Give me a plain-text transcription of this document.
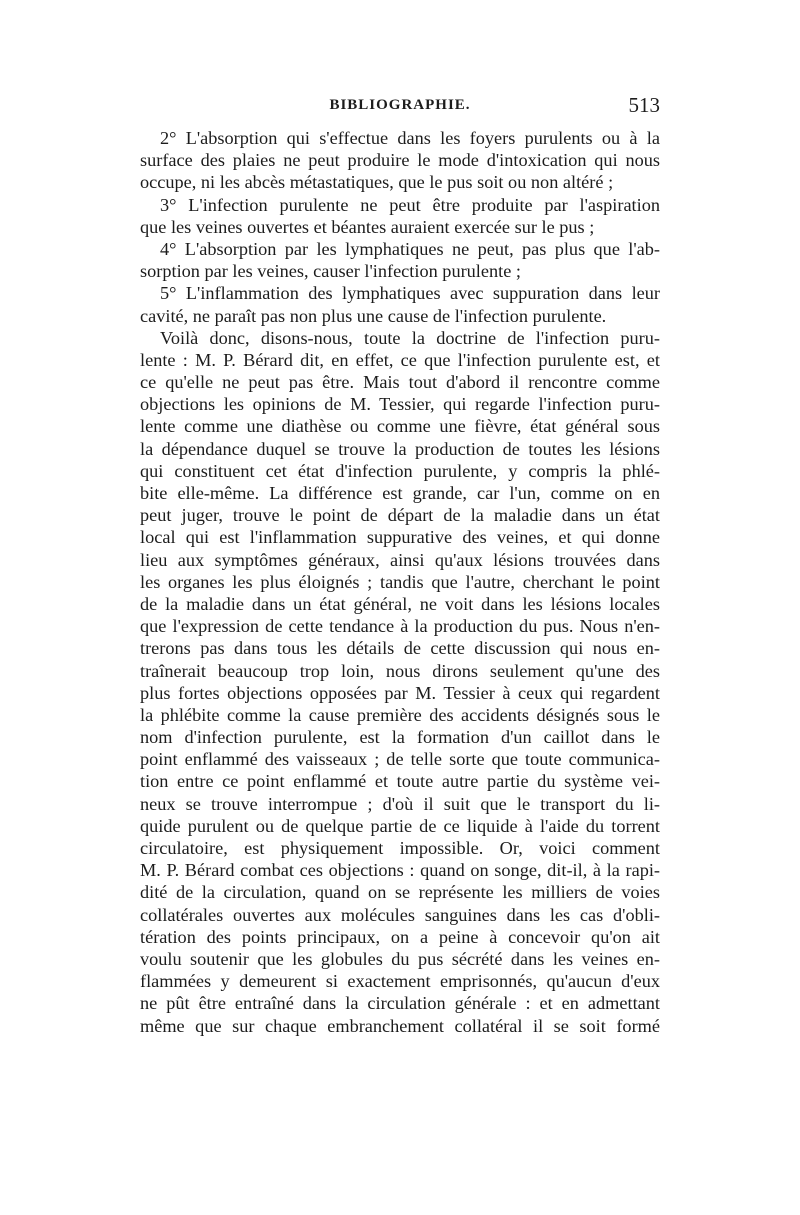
BIBLIOGRAPHIE.	513
2° L'absorption qui s'effectue dans les foyers purulents ou à la
surface des plaies ne peut produire le mode d'intoxication qui nous
occupe, ni les abcès métastatiques, que le pus soit ou non altéré ;
3° L'infection purulente ne peut être produite par l'aspiration
que les veines ouvertes et béantes auraient exercée sur le pus ;
4° L'absorption par les lymphatiques ne peut, pas plus que l'ab-
sorption par les veines, causer l'infection purulente ;
5° L'inflammation des lymphatiques avec suppuration dans leur
cavité, ne paraît pas non plus une cause de l'infection purulente.
Voilà donc, disons-nous, toute la doctrine de l'infection puru-
lente : M. P. Bérard dit, en effet, ce que l'infection purulente est, et
ce qu'elle ne peut pas être. Mais tout d'abord il rencontre comme
objections les opinions de M. Tessier, qui regarde l'infection puru-
lente comme une diathèse ou comme une fièvre, état général sous
la dépendance duquel se trouve la production de toutes les lésions
qui constituent cet état d'infection purulente, y compris la phlé-
bite elle-même. La différence est grande, car l'un, comme on en
peut juger, trouve le point de départ de la maladie dans un état
local qui est l'inflammation suppurative des veines, et qui donne
lieu aux symptômes généraux, ainsi qu'aux lésions trouvées dans
les organes les plus éloignés ; tandis que l'autre, cherchant le point
de la maladie dans un état général, ne voit dans les lésions locales
que l'expression de cette tendance à la production du pus. Nous n'en-
trerons pas dans tous les détails de cette discussion qui nous en-
traînerait beaucoup trop loin, nous dirons seulement qu'une des
plus fortes objections opposées par M. Tessier à ceux qui regardent
la phlébite comme la cause première des accidents désignés sous le
nom d'infection purulente, est la formation d'un caillot dans le
point enflammé des vaisseaux ; de telle sorte que toute communica-
tion entre ce point enflammé et toute autre partie du système vei-
neux se trouve interrompue ; d'où il suit que le transport du li-
quide purulent ou de quelque partie de ce liquide à l'aide du torrent
circulatoire, est physiquement impossible. Or, voici comment
M. P. Bérard combat ces objections : quand on songe, dit-il, à la rapi-
dité de la circulation, quand on se représente les milliers de voies
collatérales ouvertes aux molécules sanguines dans les cas d'obli-
tération des points principaux, on a peine à concevoir qu'on ait
voulu soutenir que les globules du pus sécrété dans les veines en-
flammées y demeurent si exactement emprisonnés, qu'aucun d'eux
ne pût être entraîné dans la circulation générale : et en admettant
même que sur chaque embranchement collatéral il se soit formé
